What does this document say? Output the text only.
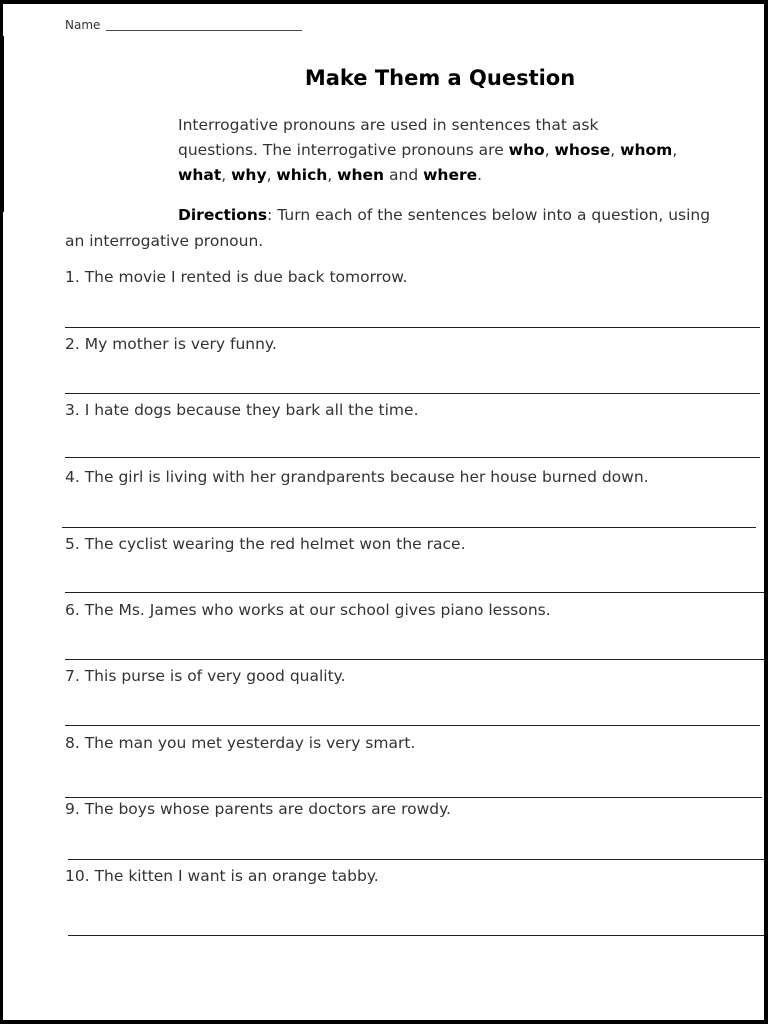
Name
Make Them a Question
Interrogative pronouns are used in sentences that ask questions. The interrogative pronouns are who, whose, whom, what, why, which, when and where.
Directions: Turn each of the sentences below into a question, using an interrogative pronoun.
1. The movie I rented is due back tomorrow.
2. My mother is very funny.
3. I hate dogs because they bark all the time.
4. The girl is living with her grandparents because her house burned down.
5. The cyclist wearing the red helmet won the race.
6. The Ms. James who works at our school gives piano lessons.
7. This purse is of very good quality.
8. The man you met yesterday is very smart.
9. The boys whose parents are doctors are rowdy.
10. The kitten I want is an orange tabby.
